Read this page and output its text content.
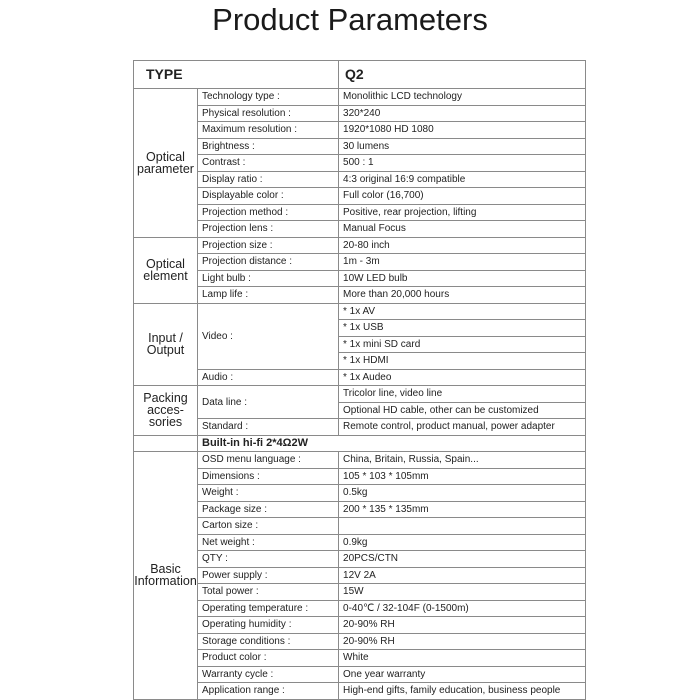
Product Parameters
TYPE		Q2
Optical parameter	Technology type :	Monolithic LCD technology
	Physical resolution :	320*240
	Maximum resolution :	1920*1080 HD 1080
	Brightness :	30 lumens
	Contrast :	500 : 1
	Display ratio :	4:3 original 16:9 compatible
	Displayable color :	Full color (16,700)
	Projection method :	Positive, rear projection, lifting
	Projection lens :	Manual Focus
Optical element	Projection size :	20-80 inch
	Projection distance :	1m - 3m
	Light bulb :	10W LED bulb
	Lamp life :	More than 20,000 hours
Input / Output	Video :	* 1x AV
		* 1x USB
		* 1x mini SD card
		* 1x HDMI
	Audio :	* 1x Audeo
Packing acces- sories	Data line :	Tricolor line, video line
		Optional HD cable, other can be customized
	Standard :	Remote control, product manual, power adapter
	Built-in hi-fi 2*4Ω2W	
Basic Information	OSD menu language :	China, Britain, Russia, Spain...
	Dimensions :	105 * 103 * 105mm
	Weight :	0.5kg
	Package size :	200 * 135 * 135mm
	Carton size :	
	Net weight :	0.9kg
	QTY :	20PCS/CTN
	Power supply :	12V 2A
	Total power :	15W
	Operating temperature :	0-40℃ / 32-104F (0-1500m)
	Operating humidity :	20-90% RH
	Storage conditions :	20-90% RH
	Product color :	White
	Warranty cycle :	One year warranty
	Application range :	High-end gifts, family education, business people
